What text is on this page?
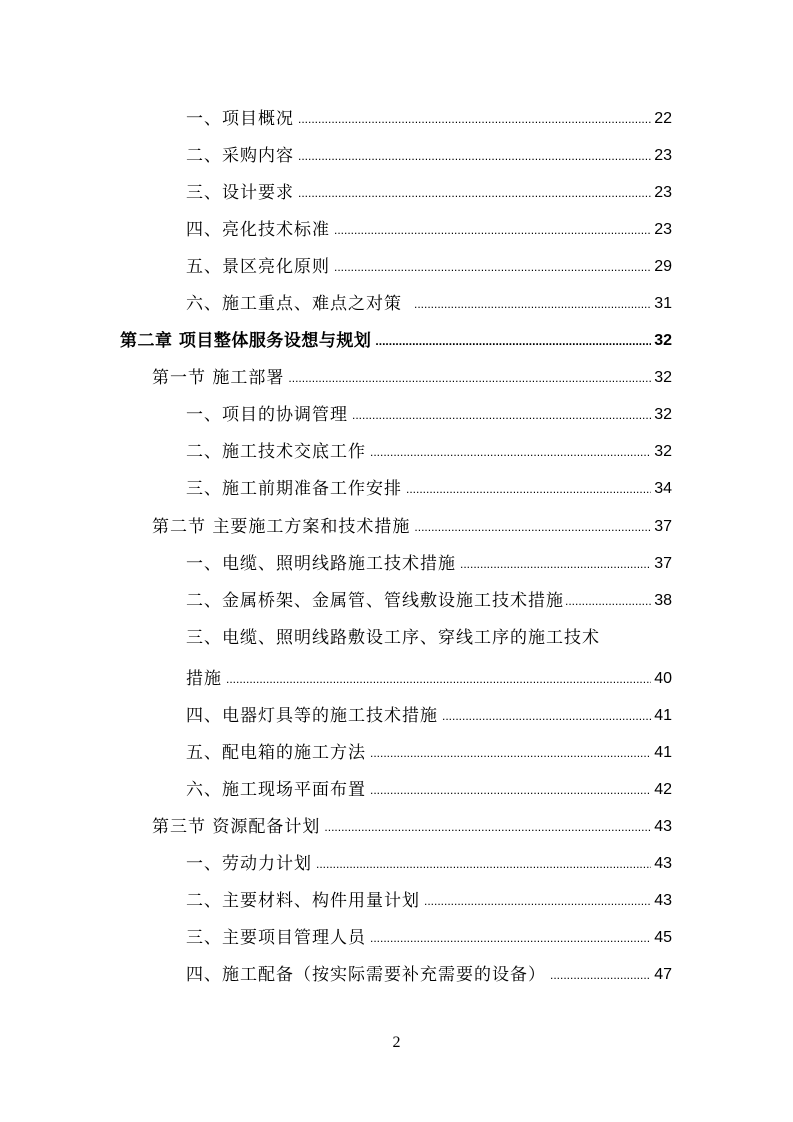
一、项目概况 .....	22
二、采购内容 .....	23
三、设计要求 .....	23
四、亮化技术标准 .....	23
五、景区亮化原则 .....	29
六、施工重点、难点之对策 .....	31
第二章 项目整体服务设想与规划 .....	32
第一节 施工部署 .....	32
一、项目的协调管理 .....	32
二、施工技术交底工作 .....	32
三、施工前期准备工作安排 .....	34
第二节 主要施工方案和技术措施 .....	37
一、电缆、照明线路施工技术措施 .....	37
二、金属桥架、金属管、管线敷设施工技术措施 .....	38
三、电缆、照明线路敷设工序、穿线工序的施工技术
措施 .....	40
四、电器灯具等的施工技术措施 .....	41
五、配电箱的施工方法 .....	41
六、施工现场平面布置 .....	42
第三节 资源配备计划 .....	43
一、劳动力计划 .....	43
二、主要材料、构件用量计划 .....	43
三、主要项目管理人员 .....	45
四、施工配备（按实际需要补充需要的设备） .....	47
2
